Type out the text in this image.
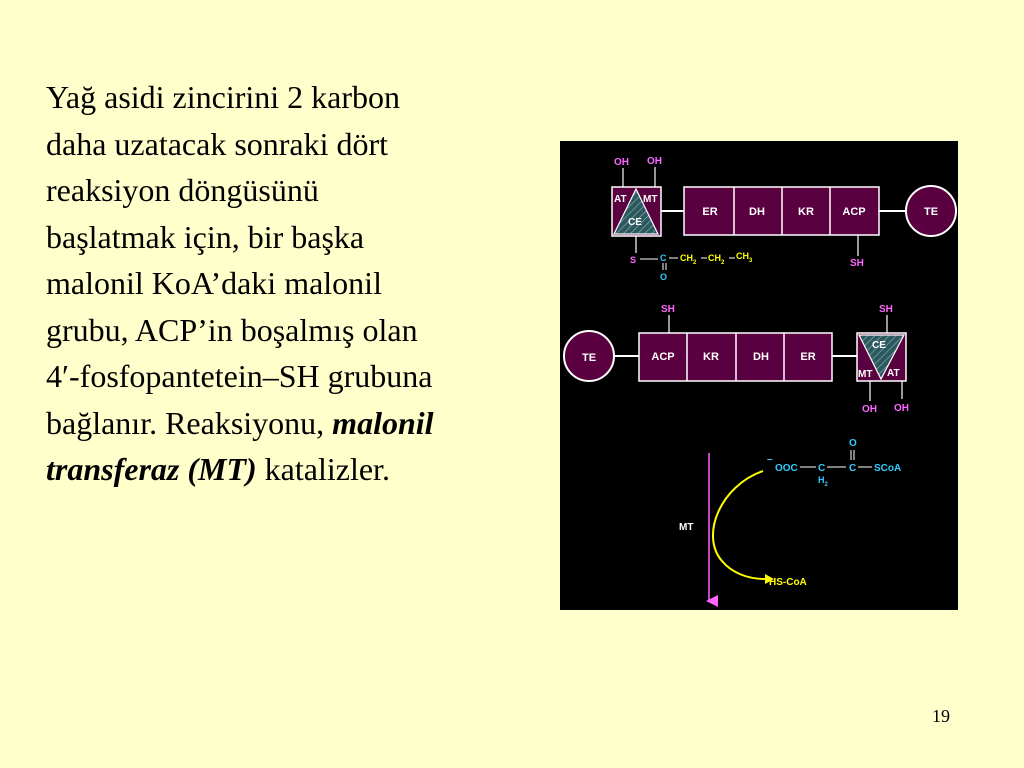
Yağ asidi zincirini 2 karbon daha uzatacak sonraki dört reaksiyon döngüsünü başlatmak için, bir başka malonil KoA’daki malonil grubu, ACP’in boşalmış olan 4′-fosfopantetein–SH grubuna bağlanır. Reaksiyonu, malonil transferaz (MT) katalizler.

OH OH
AT MT
CE
ER	DH	KR	ACP	TE
SH
S	C
O
$CH_2$ $CH_2$
$CH_3$
SH	SH
TE	ACP	KR	DH	ER
CE
MT AT
OH OH
–
OOC C
$H_2$
O
C SCoA
MT
HS-CoA
19
